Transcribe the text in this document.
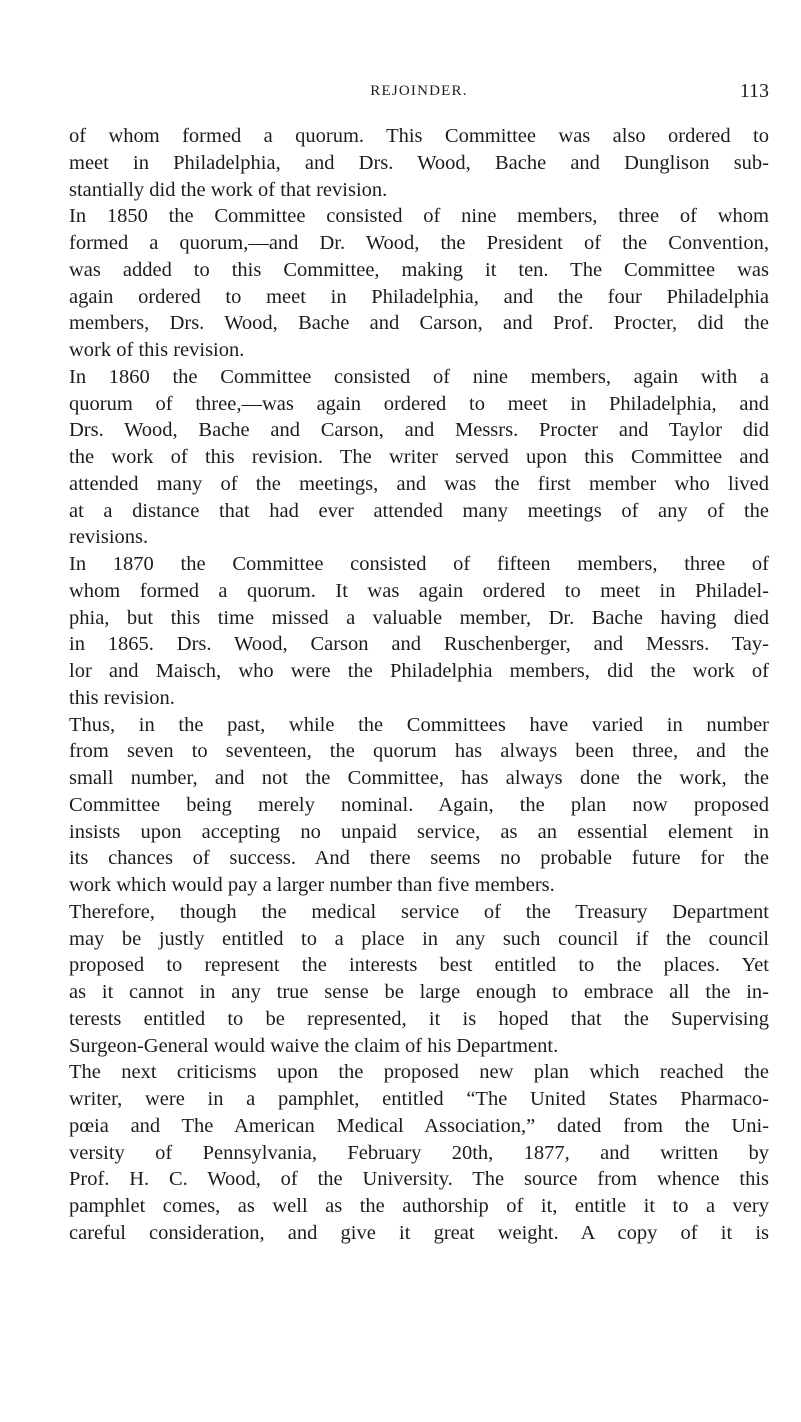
REJOINDER.	113
of whom formed a quorum. This Committee was also ordered to
meet in Philadelphia, and Drs. Wood, Bache and Dunglison sub-
stantially did the work of that revision.
In 1850 the Committee consisted of nine members, three of whom
formed a quorum,—and Dr. Wood, the President of the Convention,
was added to this Committee, making it ten. The Committee was
again ordered to meet in Philadelphia, and the four Philadelphia
members, Drs. Wood, Bache and Carson, and Prof. Procter, did the
work of this revision.
In 1860 the Committee consisted of nine members, again with a
quorum of three,—was again ordered to meet in Philadelphia, and
Drs. Wood, Bache and Carson, and Messrs. Procter and Taylor did
the work of this revision. The writer served upon this Committee and
attended many of the meetings, and was the first member who lived
at a distance that had ever attended many meetings of any of the
revisions.
In 1870 the Committee consisted of fifteen members, three of
whom formed a quorum. It was again ordered to meet in Philadel-
phia, but this time missed a valuable member, Dr. Bache having died
in 1865. Drs. Wood, Carson and Ruschenberger, and Messrs. Tay-
lor and Maisch, who were the Philadelphia members, did the work of
this revision.
Thus, in the past, while the Committees have varied in number
from seven to seventeen, the quorum has always been three, and the
small number, and not the Committee, has always done the work, the
Committee being merely nominal. Again, the plan now proposed
insists upon accepting no unpaid service, as an essential element in
its chances of success. And there seems no probable future for the
work which would pay a larger number than five members.
Therefore, though the medical service of the Treasury Department
may be justly entitled to a place in any such council if the council
proposed to represent the interests best entitled to the places. Yet
as it cannot in any true sense be large enough to embrace all the in-
terests entitled to be represented, it is hoped that the Supervising
Surgeon-General would waive the claim of his Department.
The next criticisms upon the proposed new plan which reached the
writer, were in a pamphlet, entitled “The United States Pharmaco-
pœia and The American Medical Association,” dated from the Uni-
versity of Pennsylvania, February 20th, 1877, and written by
Prof. H. C. Wood, of the University. The source from whence this
pamphlet comes, as well as the authorship of it, entitle it to a very
careful consideration, and give it great weight. A copy of it is
